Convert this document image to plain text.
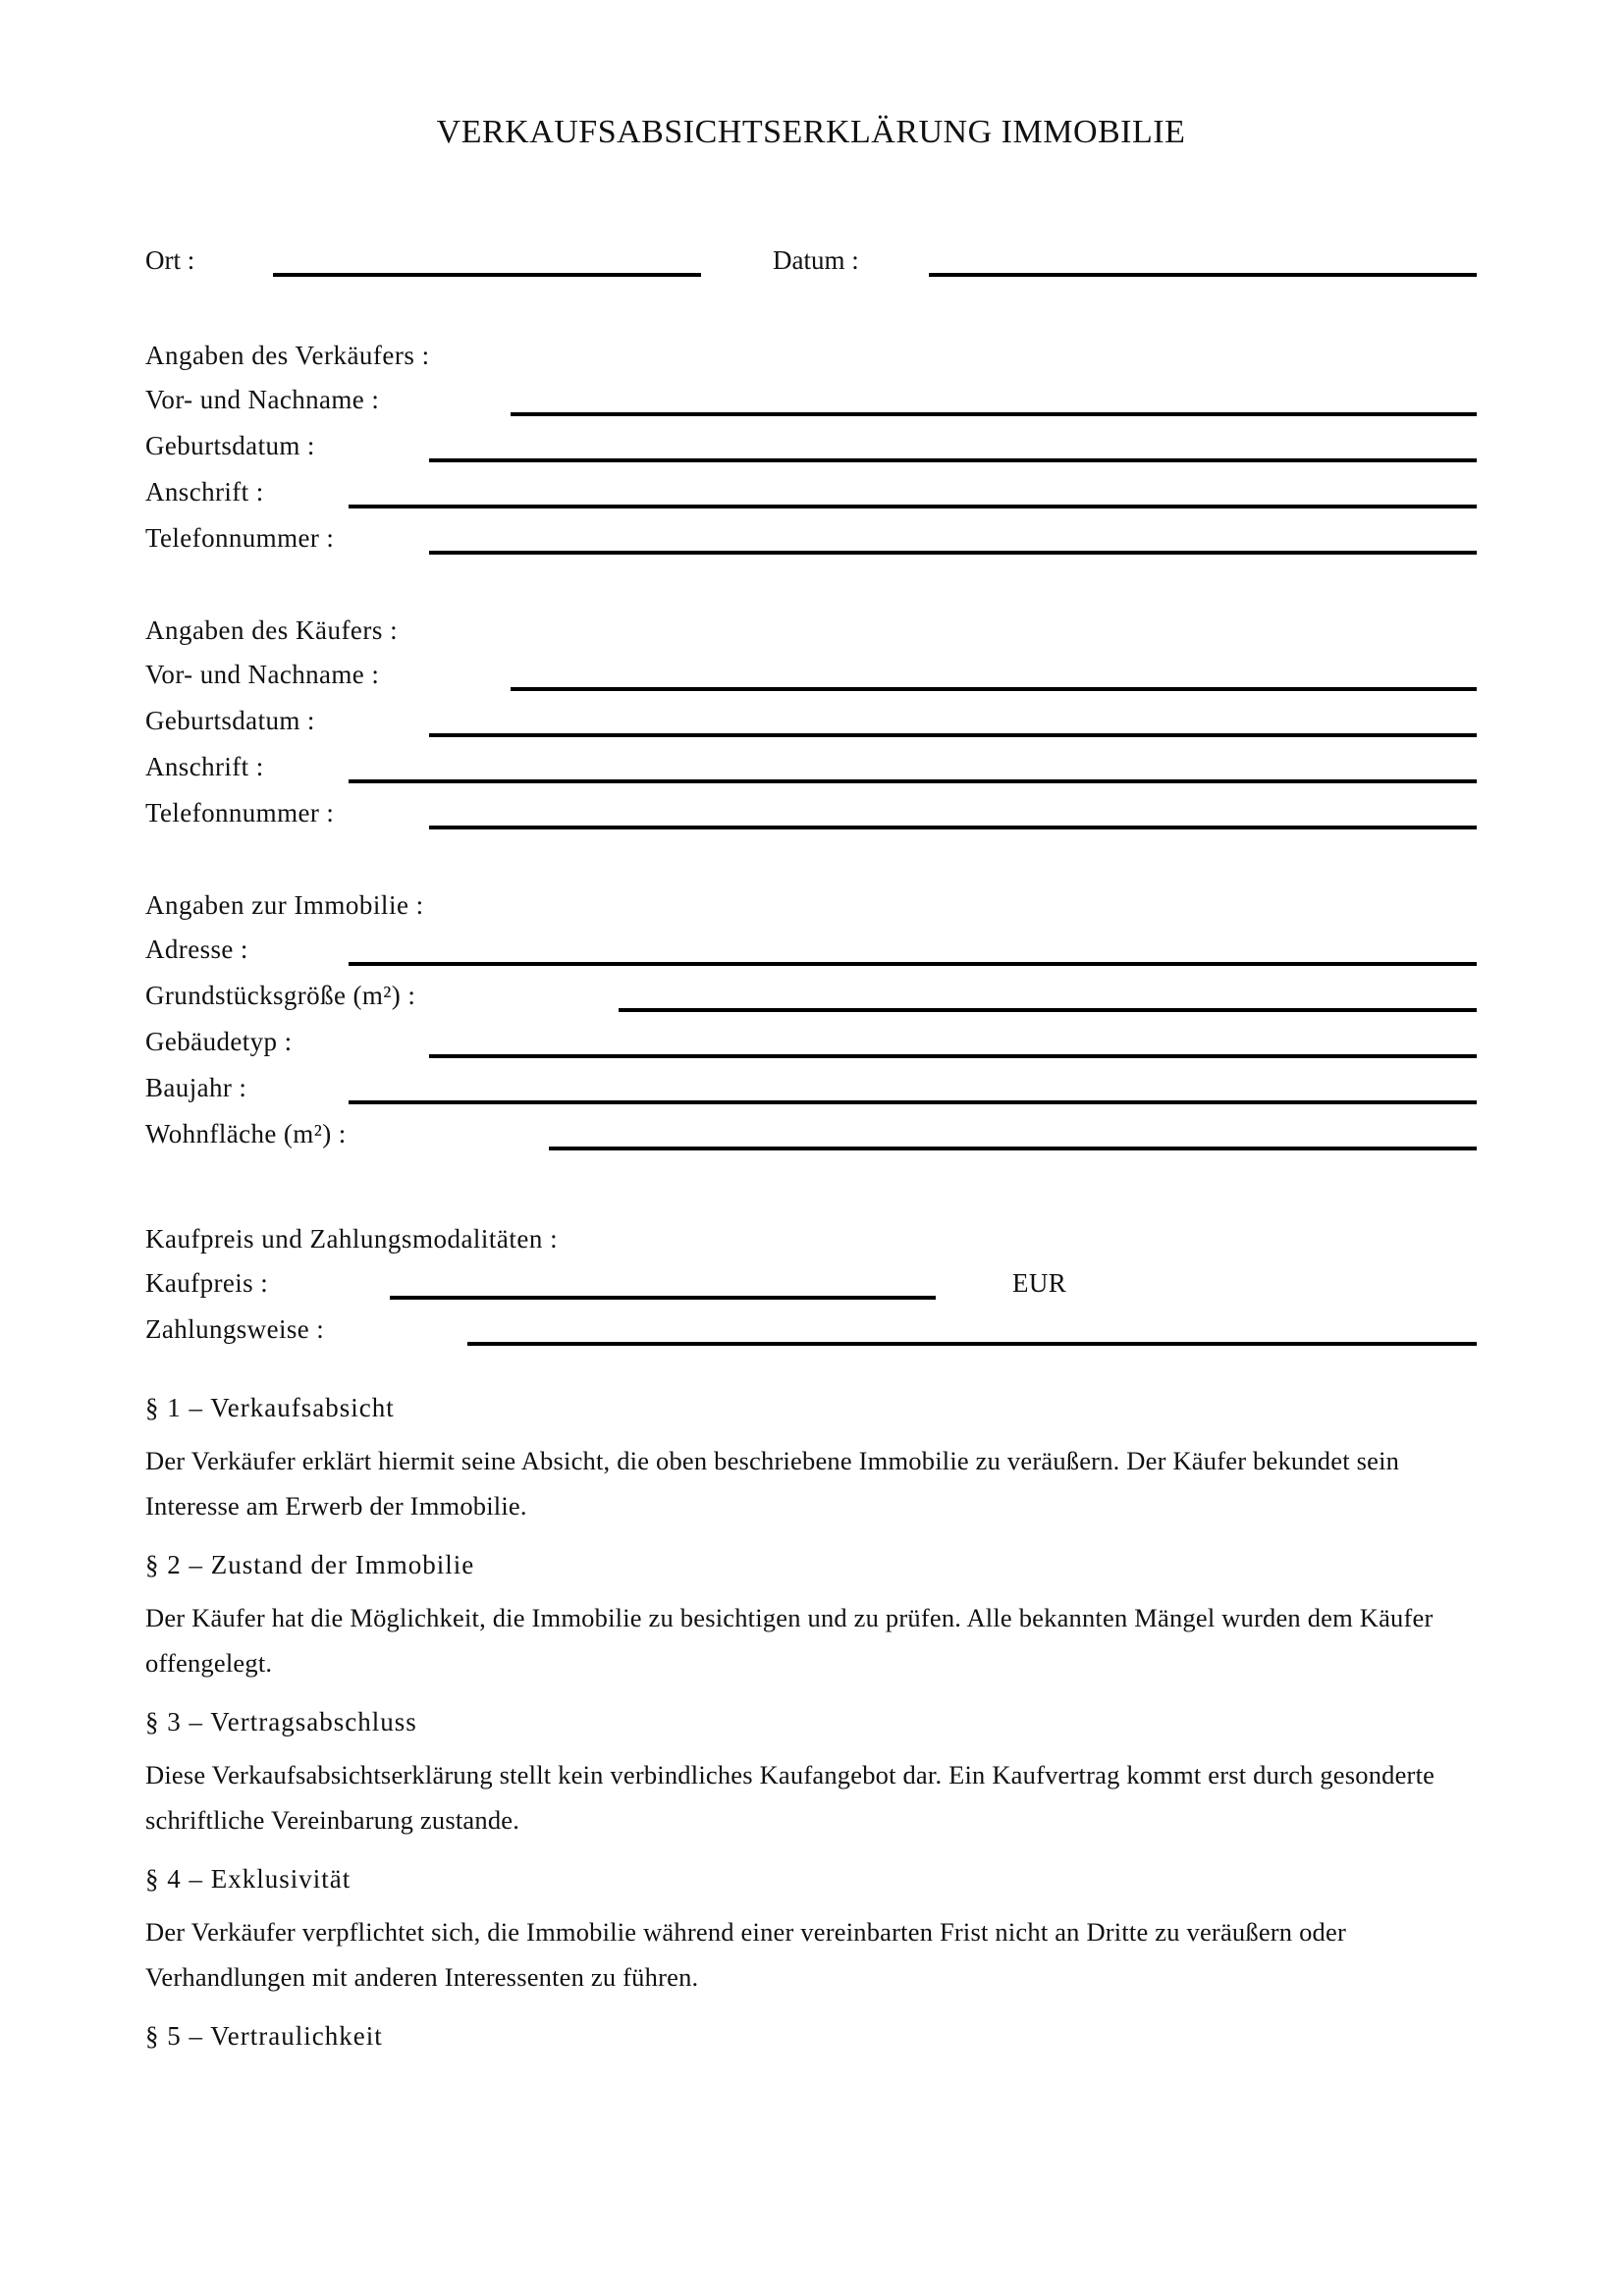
VERKAUFSABSICHTSERKLÄRUNG IMMOBILIE
Ort :	Datum :
Angaben des Verkäufers :
Vor- und Nachname :
Geburtsdatum :
Anschrift :
Telefonnummer :
Angaben des Käufers :
Vor- und Nachname :
Geburtsdatum :
Anschrift :
Telefonnummer :
Angaben zur Immobilie :
Adresse :
Grundstücksgröße (m²) :
Gebäudetyp :
Baujahr :
Wohnfläche (m²) :
Kaufpreis und Zahlungsmodalitäten :
Kaufpreis :	EUR
Zahlungsweise :
§ 1 – Verkaufsabsicht

Der Verkäufer erklärt hiermit seine Absicht, die oben beschriebene Immobilie zu veräußern. Der Käufer bekundet sein Interesse am Erwerb der Immobilie.

§ 2 – Zustand der Immobilie

Der Käufer hat die Möglichkeit, die Immobilie zu besichtigen und zu prüfen. Alle bekannten Mängel wurden dem Käufer offengelegt.

§ 3 – Vertragsabschluss

Diese Verkaufsabsichtserklärung stellt kein verbindliches Kaufangebot dar. Ein Kaufvertrag kommt erst durch gesonderte schriftliche Vereinbarung zustande.

§ 4 – Exklusivität

Der Verkäufer verpflichtet sich, die Immobilie während einer vereinbarten Frist nicht an Dritte zu veräußern oder Verhandlungen mit anderen Interessenten zu führen.

§ 5 – Vertraulichkeit
